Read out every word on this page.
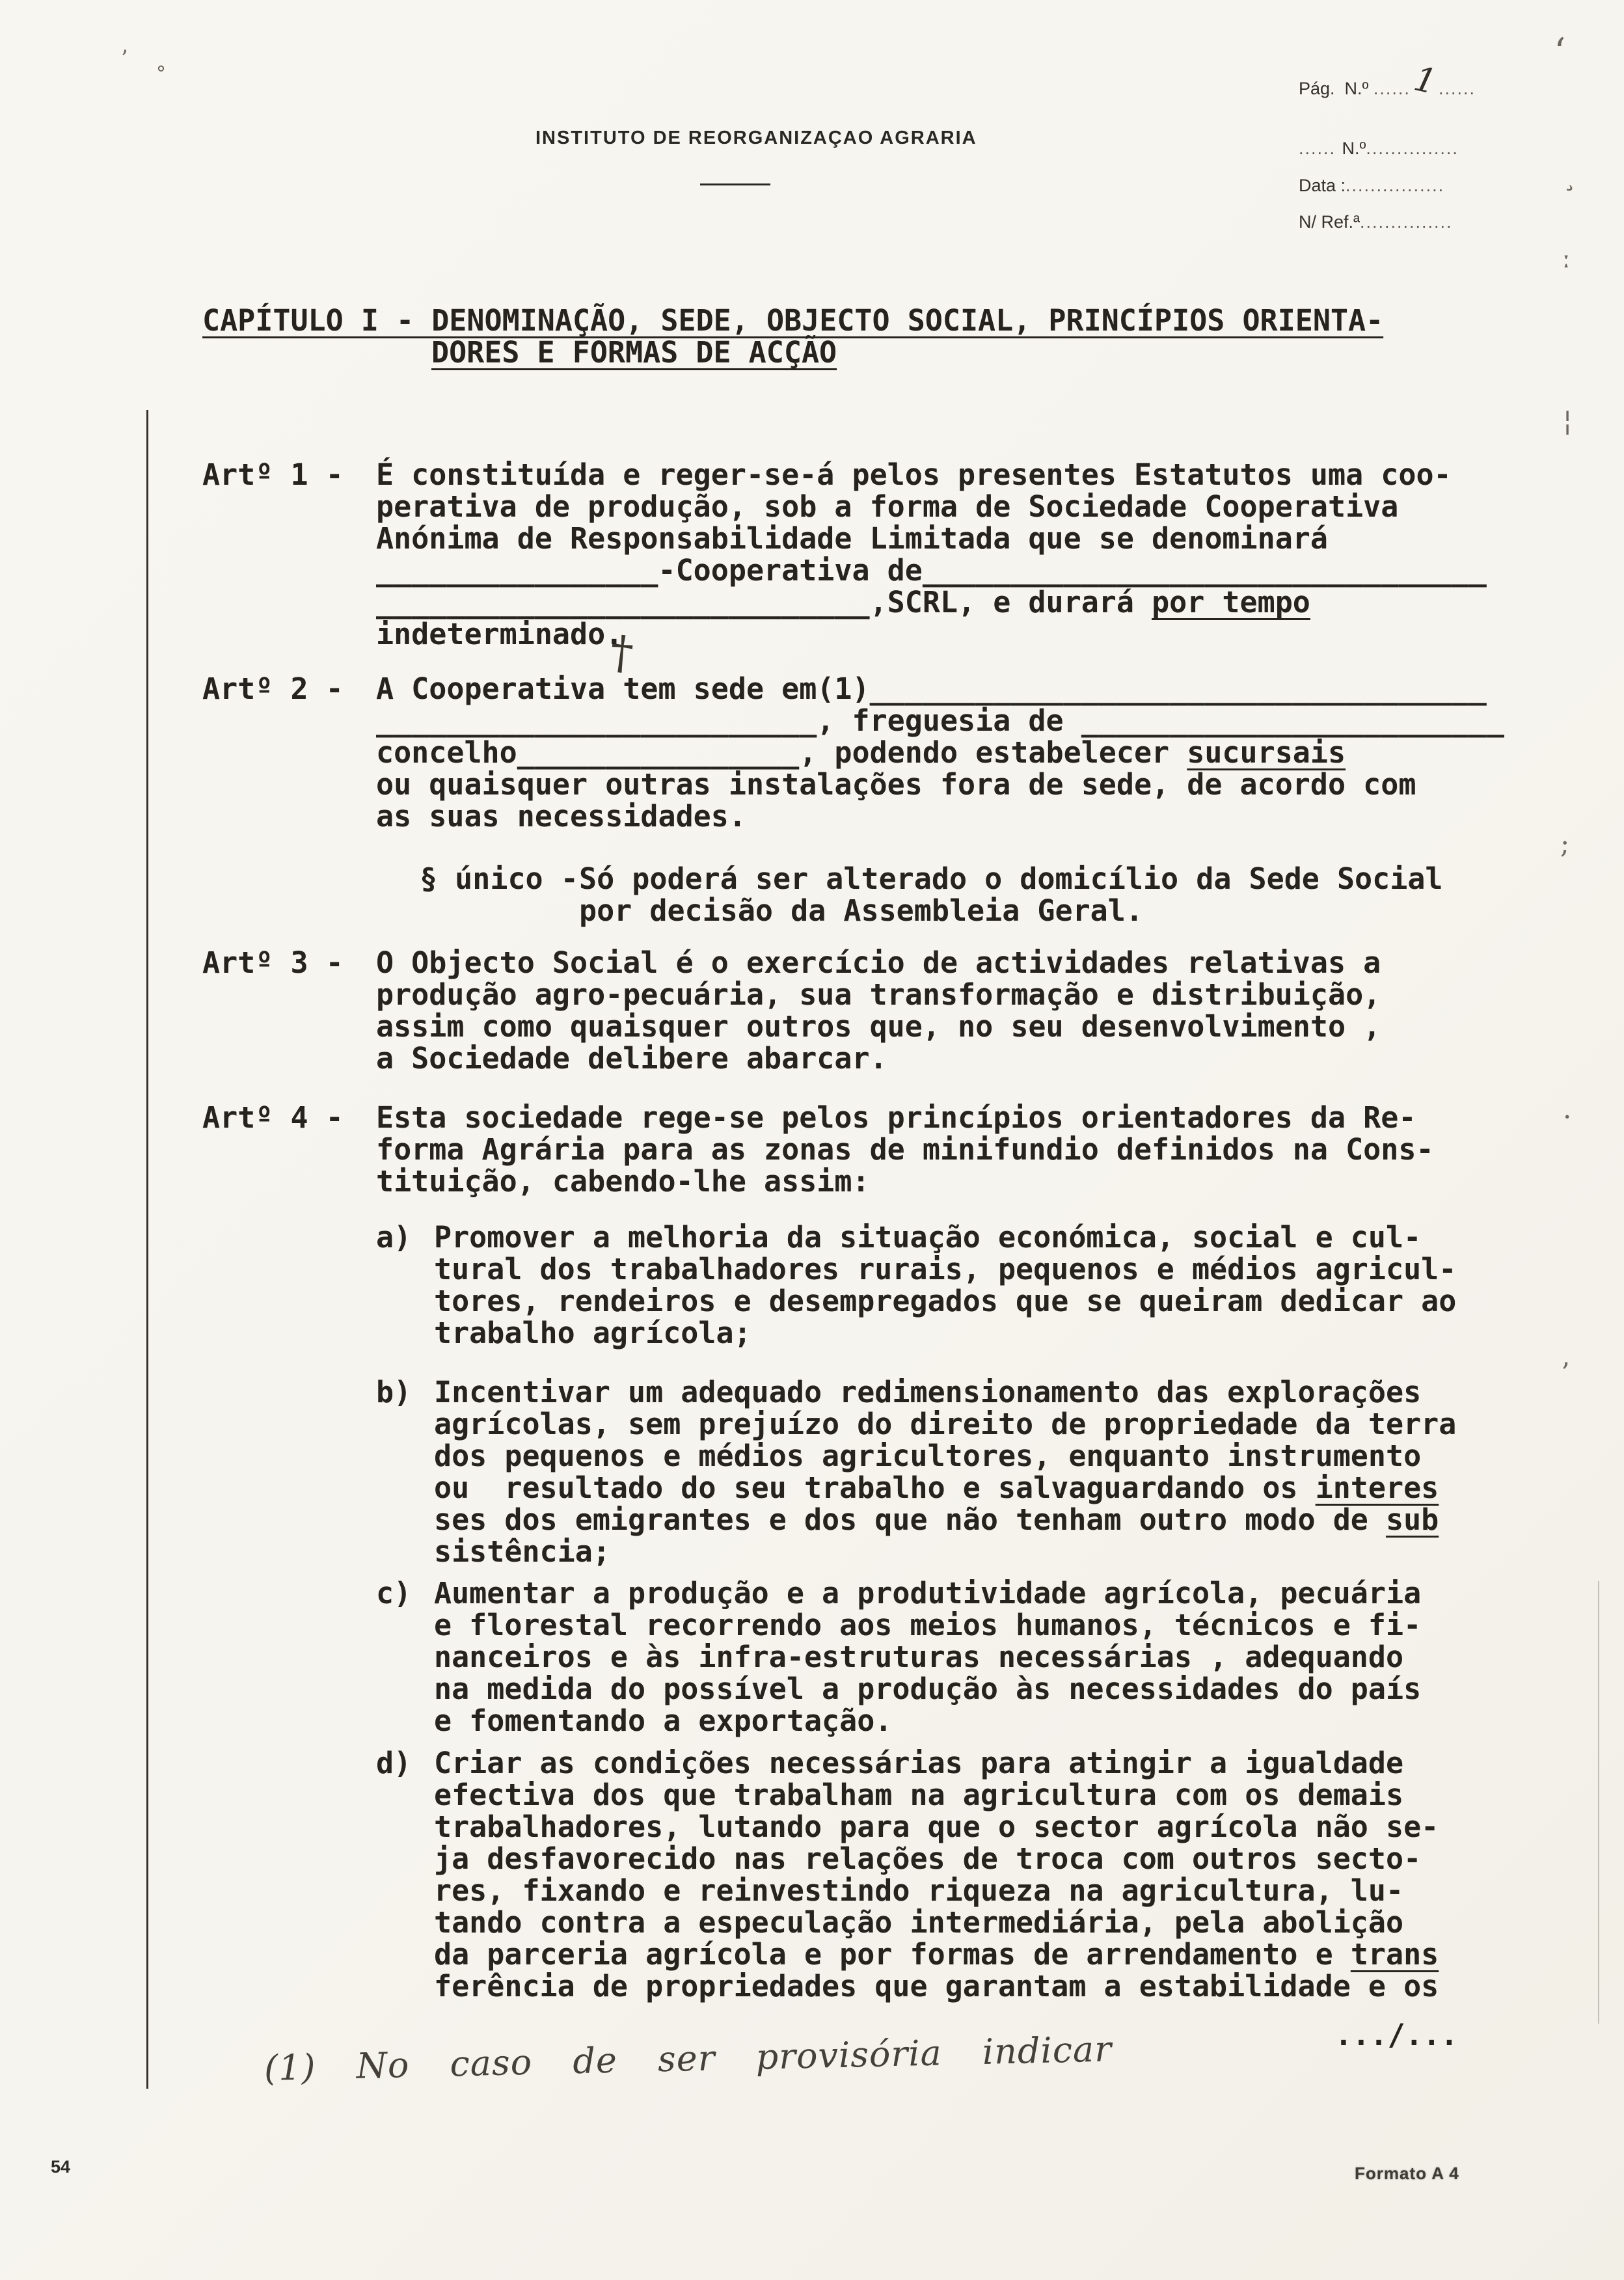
’
°	ʻ
¸
ː
¦
;
·
ʼ
INSTITUTO DE REORGANIZAÇAO AGRARIA
Pág.  N.º ......1......
...... N.º...............
Data :................
N/ Ref.ª...............
†
CAPÍTULO I - DENOMINAÇÃO, SEDE, OBJECTO SOCIAL, PRINCÍPIOS ORIENTA-
DORES E FORMAS DE ACÇÃO
Artº 1 -	É constituída e reger-se-á pelos presentes Estatutos uma coo-
perativa de produção, sob a forma de Sociedade Cooperativa
Anónima de Responsabilidade Limitada que se denominará
________________-Cooperativa de________________________________
____________________________,SCRL, e durará por tempo
indeterminado.
Artº 2 -	A Cooperativa tem sede em(1)___________________________________
_________________________, freguesia de ________________________
concelho________________, podendo estabelecer sucursais
ou quaisquer outras instalações fora de sede, de acordo com
as suas necessidades.
§ único - Só poderá ser alterado o domicílio da Sede Social
por decisão da Assembleia Geral.
Artº 3 -	O Objecto Social é o exercício de actividades relativas a
produção agro-pecuária, sua transformação e distribuição,
assim como quaisquer outros que, no seu desenvolvimento ,
a Sociedade delibere abarcar.
Artº 4 -	Esta sociedade rege-se pelos princípios orientadores da Re-
forma Agrária para as zonas de minifundio definidos na Cons-
tituição, cabendo-lhe assim:
a) Promover a melhoria da situação económica, social e cul-
tural dos trabalhadores rurais, pequenos e médios agricul-
tores, rendeiros e desempregados que se queiram dedicar ao
trabalho agrícola;
b) Incentivar um adequado redimensionamento das explorações
agrícolas, sem prejuízo do direito de propriedade da terra
dos pequenos e médios agricultores, enquanto instrumento
ou  resultado do seu trabalho e salvaguardando os interes
ses dos emigrantes e dos que não tenham outro modo de sub
sistência;
c) Aumentar a produção e a produtividade agrícola, pecuária
e florestal recorrendo aos meios humanos, técnicos e fi-
nanceiros e às infra-estruturas necessárias , adequando
na medida do possível a produção às necessidades do país
e fomentando a exportação.
d) Criar as condições necessárias para atingir a igualdade
efectiva dos que trabalham na agricultura com os demais
trabalhadores, lutando para que o sector agrícola não se-
ja desfavorecido nas relações de troca com outros secto-
res, fixando e reinvestindo riqueza na agricultura, lu-
tando contra a especulação intermediária, pela abolição
da parceria agrícola e por formas de arrendamento e trans
ferência de propriedades que garantam a estabilidade e os
.../...
(1) No caso de ser provisória indicar
54	Formato A 4
